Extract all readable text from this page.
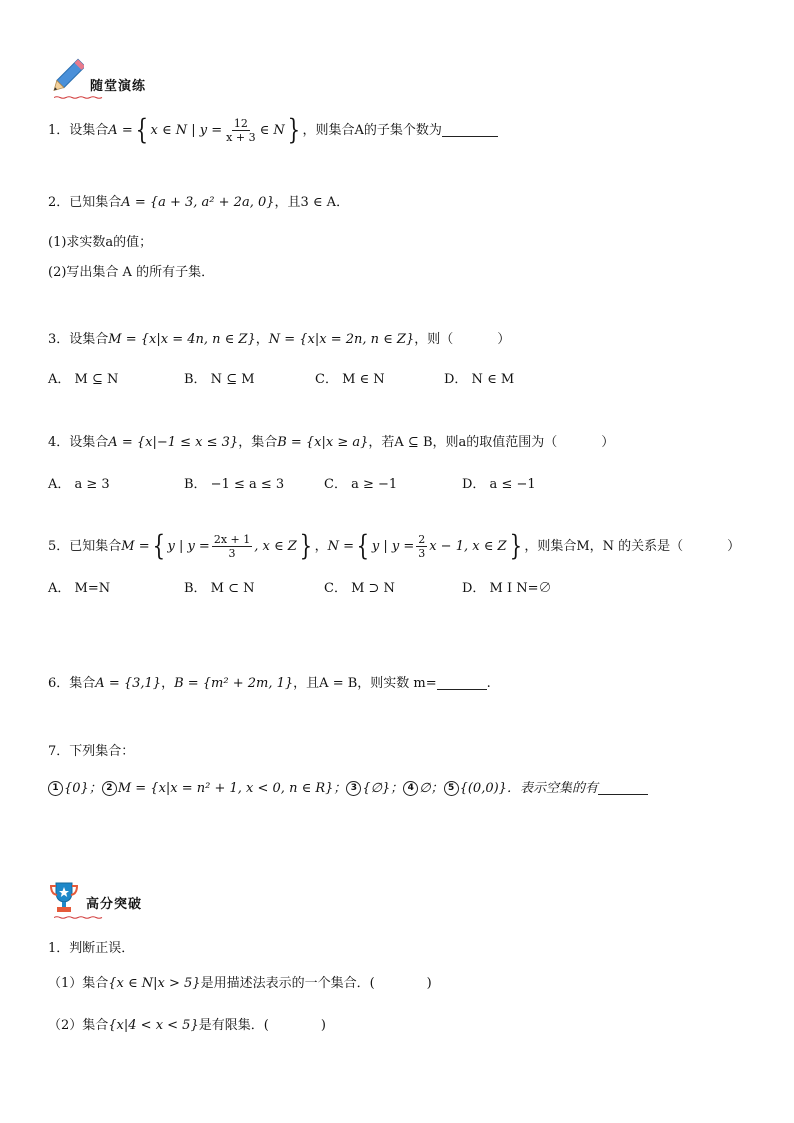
随堂演练
1． 设集合 A = { x ∈ N | $y = \frac{12}{x + 3}$ ∈ N } ，则集合A的子集个数为
2． 已知集合 A = {a + 3, a² + 2a, 0} ，且3 ∈ A．
(1)求实数a的值；
(2)写出集合 A 的所有子集．
3． 设集合 M = {x|x = 4n, n ∈ Z} ， N = {x|x = 2n, n ∈ Z} ，则（	）
A． M ⊆ N	B． N ⊆ M	C． M ∈ N	D． N ∈ M
4． 设集合 A = {x|−1 ≤ x ≤ 3} ，集合 B = {x|x ≥ a} ，若A ⊆ B，则a的取值范围为（	）
A． a ≥ 3	B． −1 ≤ a ≤ 3	C． a ≥ −1	D． a ≤ −1
5． 已知集合 M = { y | $y = \frac{2x + 1}{3}$ , x ∈ Z } ， N = { y | $y = \frac{2}{3}$ x − 1, x ∈ Z } ，则集合M，N 的关系是（	）
A． M=N	B． M ⊂ N	C． M ⊃ N	D． M I N=∅
6． 集合 A = {3,1} ， B = {m² + 2m, 1} ，且A = B，则实数 m=	.
7． 下列集合：
1 {0}； 2 M = {x|x = n² + 1, x < 0, n ∈ R}； 3 {∅}； 4 ∅； 5 {(0,0)}．表示空集的有
高分突破
1． 判断正误．
（1）集合 {x ∈ N|x > 5} 是用描述法表示的一个集合．(	)
（2）集合 {x|4 < x < 5} 是有限集．(	)
